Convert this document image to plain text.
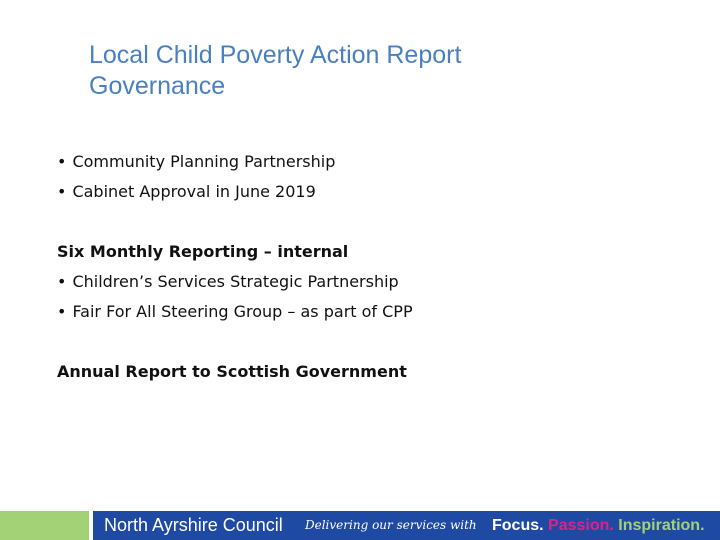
Local Child Poverty Action Report
Governance
• Community Planning Partnership
• Cabinet Approval in June 2019
Six Monthly Reporting – internal
• Children’s Services Strategic Partnership
• Fair For All Steering Group – as part of CPP
Annual Report to Scottish Government
North Ayrshire Council Delivering our services with Focus. Passion. Inspiration.
